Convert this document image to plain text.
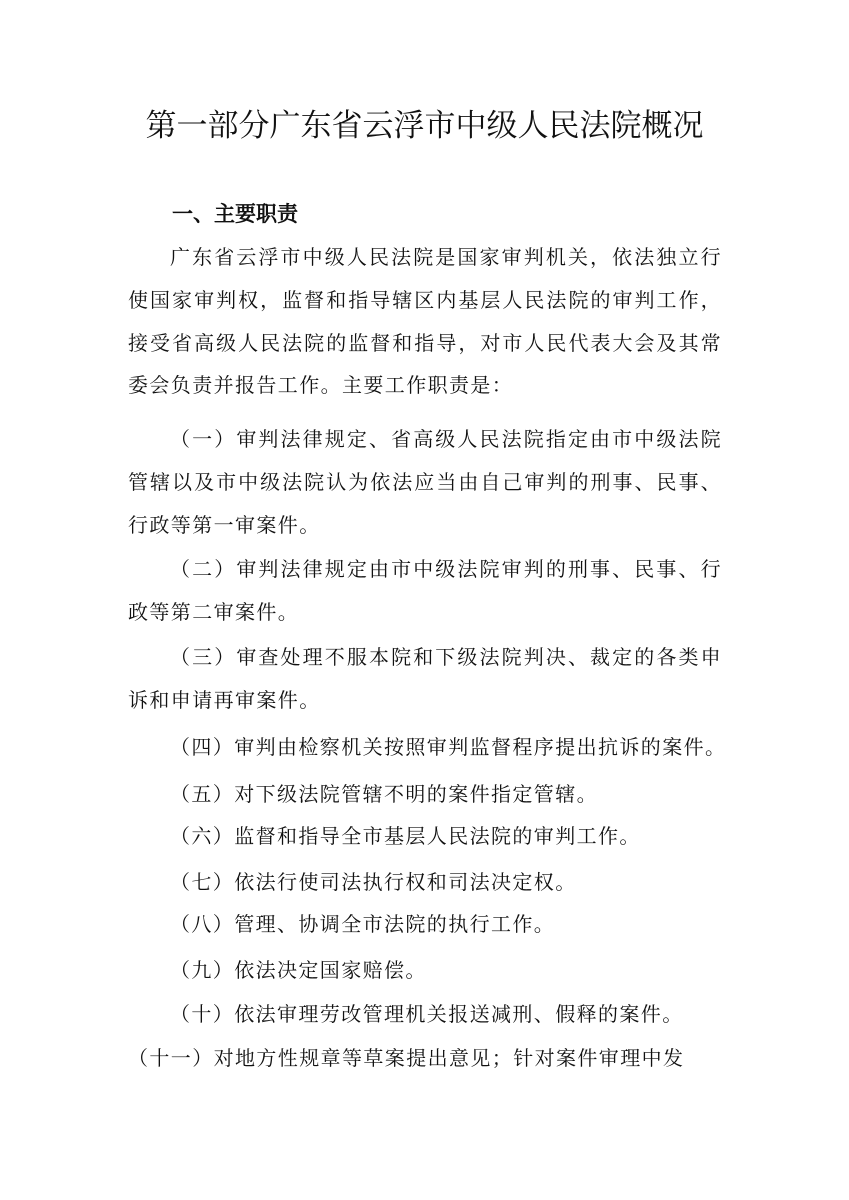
第一部分广东省云浮市中级人民法院概况
一、主要职责

广东省云浮市中级人民法院是国家审判机关，依法独立行使国家审判权，监督和指导辖区内基层人民法院的审判工作，接受省高级人民法院的监督和指导，对市人民代表大会及其常委会负责并报告工作。主要工作职责是：

（一）审判法律规定、省高级人民法院指定由市中级法院管辖以及市中级法院认为依法应当由自己审判的刑事、民事、行政等第一审案件。

（二）审判法律规定由市中级法院审判的刑事、民事、行政等第二审案件。

（三）审查处理不服本院和下级法院判决、裁定的各类申诉和申请再审案件。

（四）审判由检察机关按照审判监督程序提出抗诉的案件。

（五）对下级法院管辖不明的案件指定管辖。

（六）监督和指导全市基层人民法院的审判工作。

（七）依法行使司法执行权和司法决定权。

（八）管理、协调全市法院的执行工作。

（九）依法决定国家赔偿。

（十）依法审理劳改管理机关报送减刑、假释的案件。

（十一）对地方性规章等草案提出意见；针对案件审理中发
